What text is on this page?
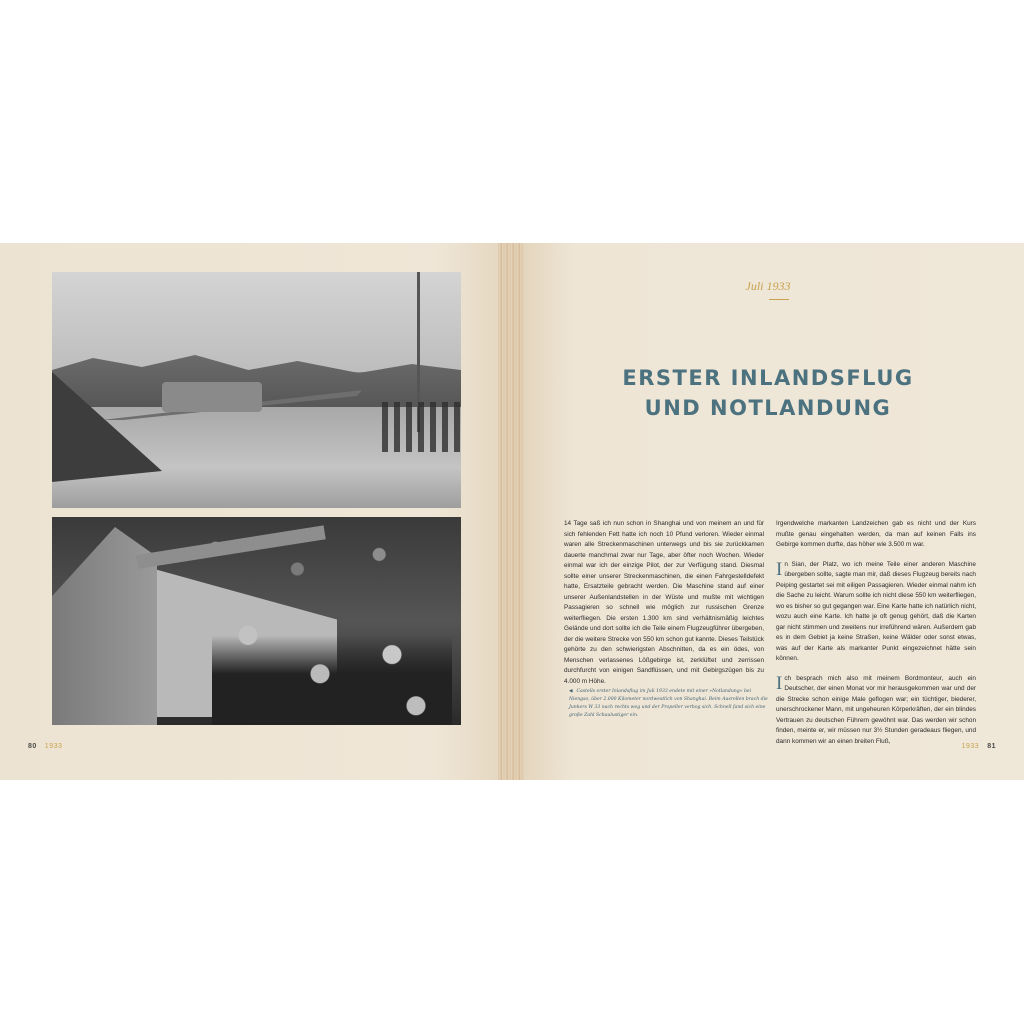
80 1933
Juli 1933
ERSTER INLANDSFLUG
UND NOTLANDUNG

14 Tage saß ich nun schon in Shanghai und von meinem an und für sich fehlenden Fett hatte ich noch 10 Pfund verloren. Wieder einmal waren alle Streckenmaschinen unterwegs und bis sie zurückkamen dauerte manchmal zwar nur Tage, aber öfter noch Wochen. Wieder einmal war ich der einzige Pilot, der zur Verfügung stand. Diesmal sollte einer unserer Streckenmaschinen, die einen Fahrgestelldefekt hatte, Ersatzteile gebracht werden. Die Maschine stand auf einer unserer Außenlandstellen in der Wüste und mußte mit wichtigen Passagieren so schnell wie möglich zur russischen Grenze weiterfliegen. Die ersten 1.300 km sind verhältnismäßig leichtes Gelände und dort sollte ich die Teile einem Flugzeugführer übergeben, der die weitere Strecke von 550 km schon gut kannte. Dieses Teilstück gehörte zu den schwierigsten Abschnitten, da es ein ödes, von Menschen verlassenes Lößgebirge ist, zerklüftet und zerrissen durchfurcht von einigen Sandflüssen, und mit Gebirgszügen bis zu 4.000 m Höhe.

◀ Castells erster Inlandsflug im Juli 1933 endete mit einer »Notlandung« bei Niengso, über 2.000 Kilometer nordwestlich von Shanghai. Beim Ausrollen brach die Junkers W 33 nach rechts weg und der Propeller verbog sich. Schnell fand sich eine große Zahl Schaulustiger ein.

Irgendwelche markanten Landzeichen gab es nicht und der Kurs mußte genau eingehalten werden, da man auf keinen Falls ins Gebirge kommen durfte, das höher wie 3.500 m war.

In Sian, der Platz, wo ich meine Teile einer anderen Maschine übergeben sollte, sagte man mir, daß dieses Flugzeug bereits nach Peiping gestartet sei mit eiligen Passagieren. Wieder einmal nahm ich die Sache zu leicht. Warum sollte ich nicht diese 550 km weiterfliegen, wo es bisher so gut gegangen war. Eine Karte hatte ich natürlich nicht, wozu auch eine Karte. Ich hatte je oft genug gehört, daß die Karten gar nicht stimmen und zweitens nur irreführend wären. Außerdem gab es in dem Gebiet ja keine Straßen, keine Wälder oder sonst etwas, was auf der Karte als markanter Punkt eingezeichnet hätte sein können.

Ich besprach mich also mit meinem Bordmonteur, auch ein Deutscher, der einen Monat vor mir herausgekommen war und der die Strecke schon einige Male geflogen war; ein tüchtiger, biederer, unerschrockener Mann, mit ungeheuren Körperkräften, der ein blindes Vertrauen zu deutschen Führern gewöhnt war. Das werden wir schon finden, meinte er, wir müssen nur 3½ Stunden geradeaus fliegen, und dann kommen wir an einen breiten Fluß,

1933 81
